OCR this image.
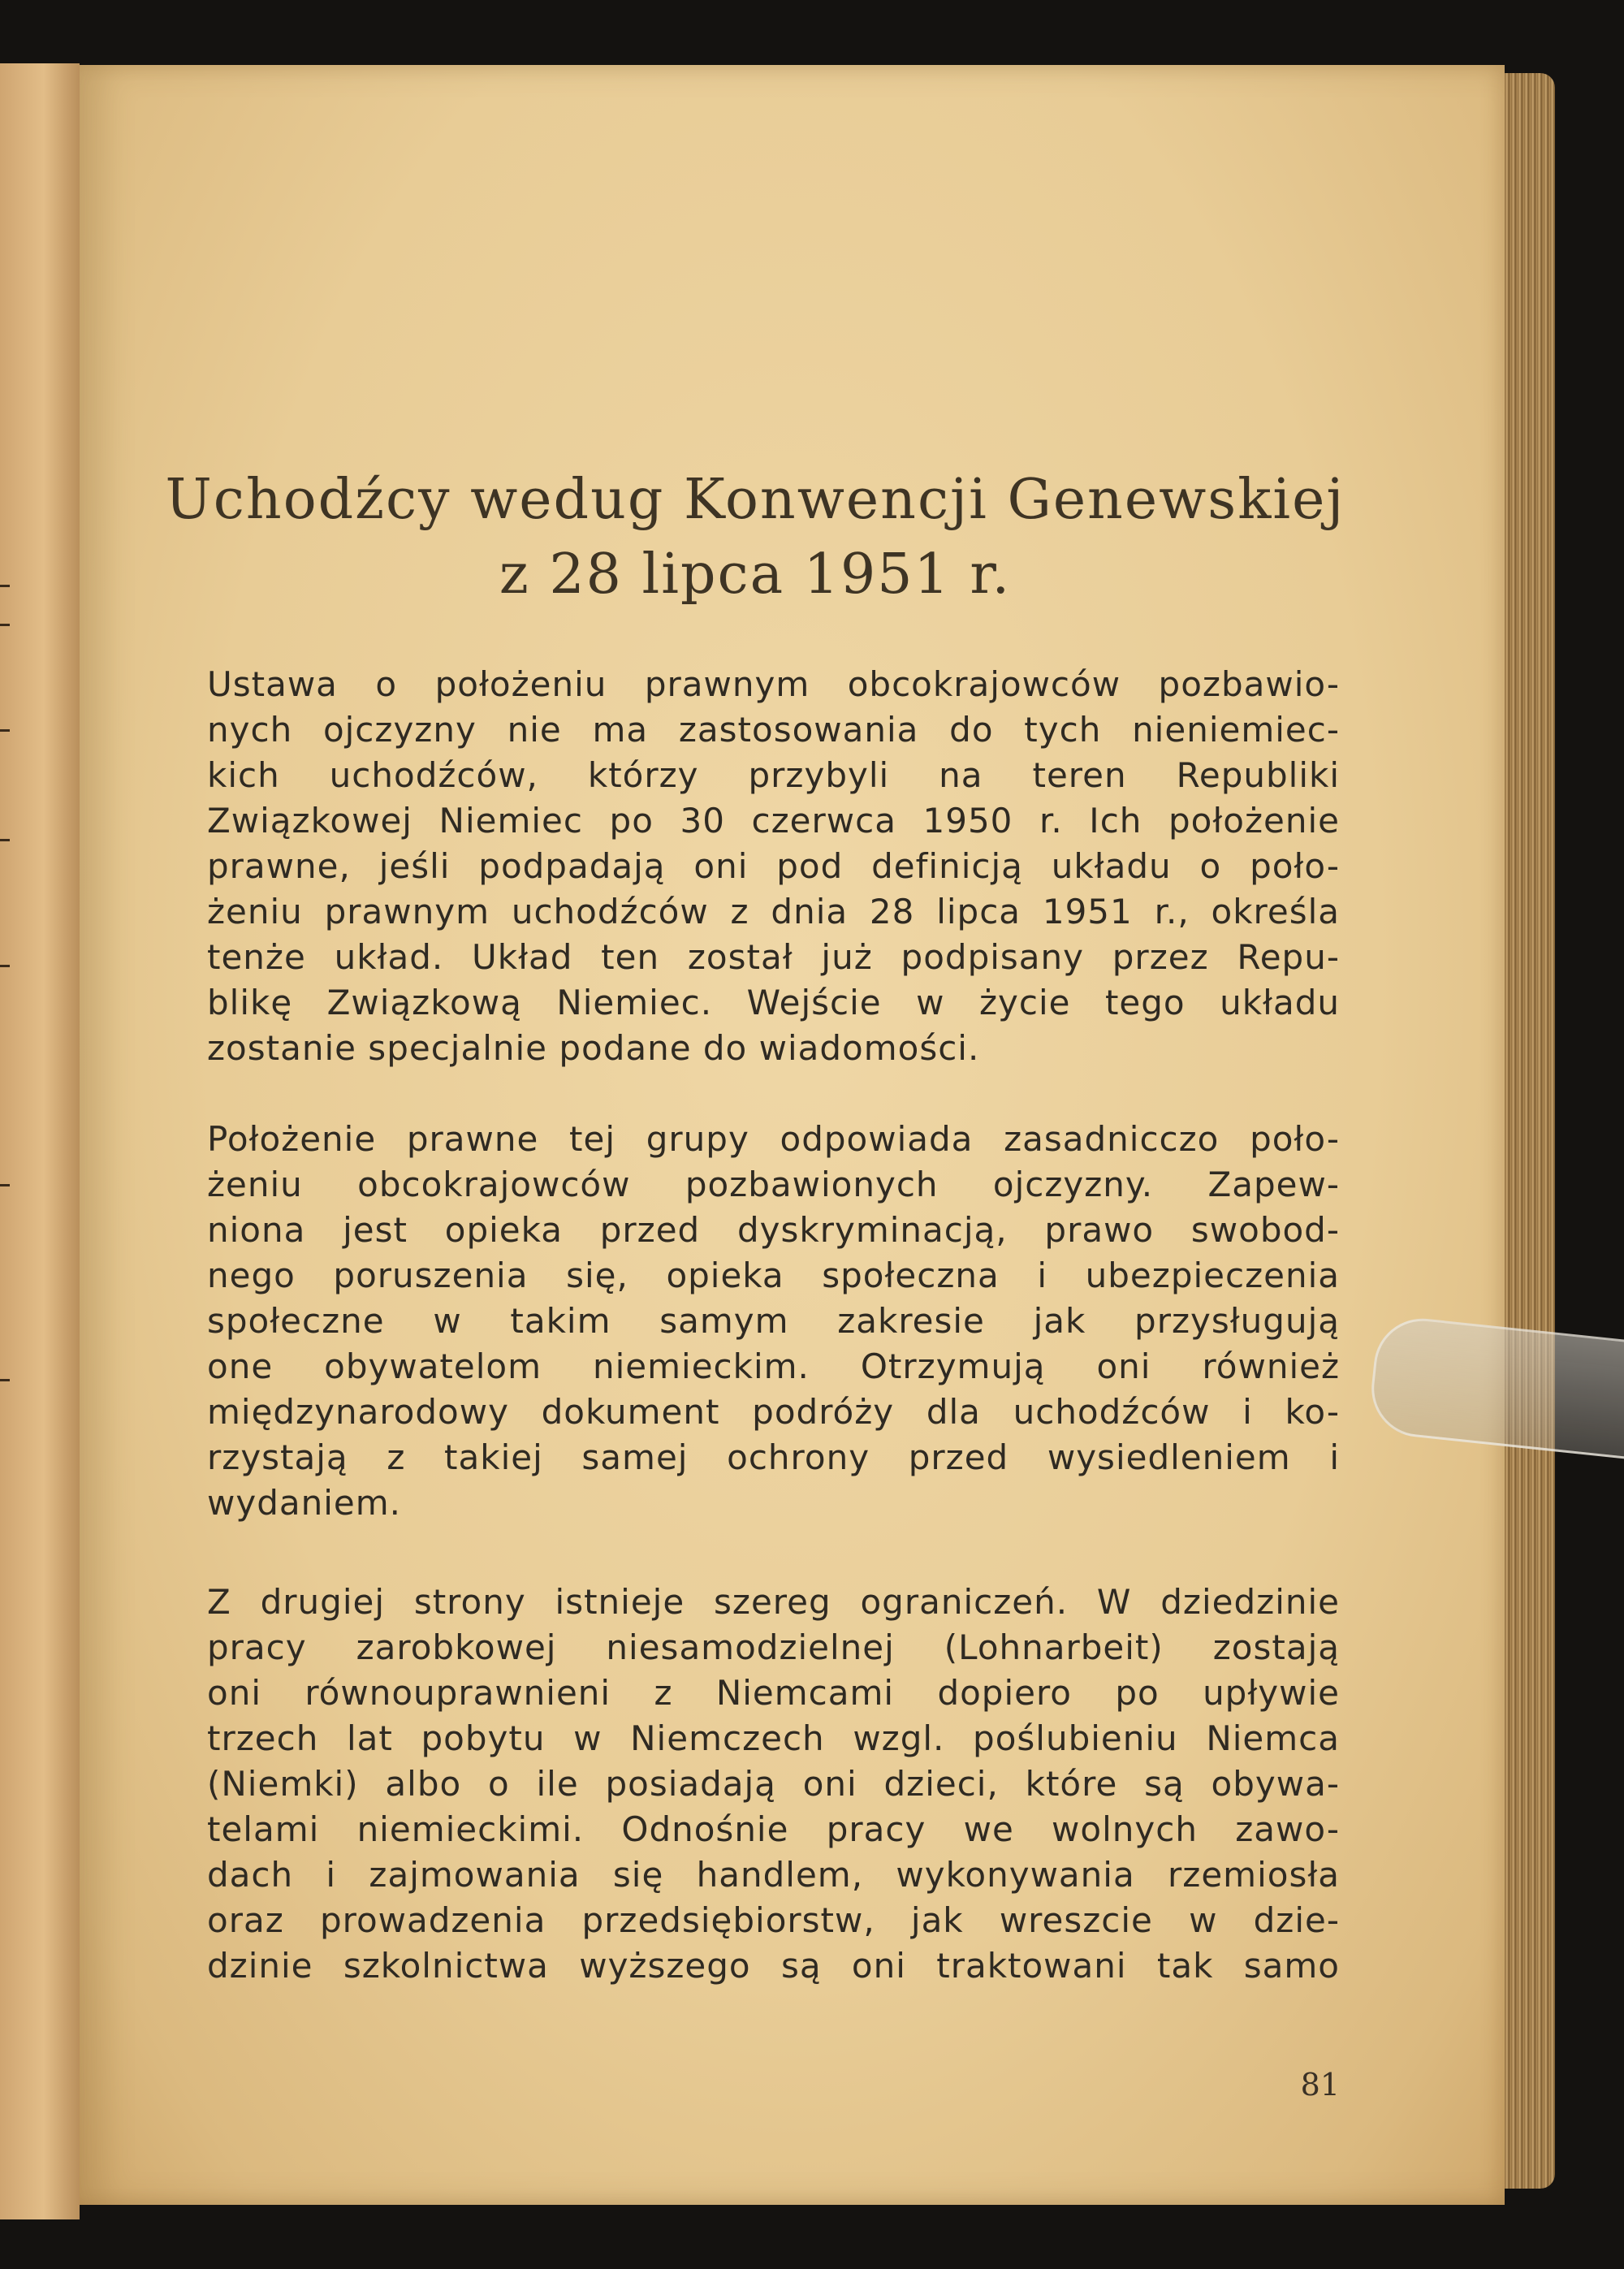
Uchodźcy wedug Konwencji Genewskiej
z 28 lipca 1951 r.
Ustawa o położeniu prawnym obcokrajowców pozbawio-
nych ojczyzny nie ma zastosowania do tych nieniemiec-
kich uchodźców, którzy przybyli na teren Republiki
Związkowej Niemiec po 30 czerwca 1950 r. Ich położenie
prawne, jeśli podpadają oni pod definicją układu o poło-
żeniu prawnym uchodźców z dnia 28 lipca 1951 r., określa
tenże układ. Układ ten został już podpisany przez Repu-
blikę Związkową Niemiec. Wejście w życie tego układu
zostanie specjalnie podane do wiadomości.
Położenie prawne tej grupy odpowiada zasadnicczo poło-
żeniu obcokrajowców pozbawionych ojczyzny. Zapew-
niona jest opieka przed dyskryminacją, prawo swobod-
nego poruszenia się, opieka społeczna i ubezpieczenia
społeczne w takim samym zakresie jak przysługują
one obywatelom niemieckim. Otrzymują oni również
międzynarodowy dokument podróży dla uchodźców i ko-
rzystają z takiej samej ochrony przed wysiedleniem i
wydaniem.
Z drugiej strony istnieje szereg ograniczeń. W dziedzinie
pracy zarobkowej niesamodzielnej (Lohnarbeit) zostają
oni równouprawnieni z Niemcami dopiero po upływie
trzech lat pobytu w Niemczech wzgl. poślubieniu Niemca
(Niemki) albo o ile posiadają oni dzieci, które są obywa-
telami niemieckimi. Odnośnie pracy we wolnych zawo-
dach i zajmowania się handlem, wykonywania rzemiosła
oraz prowadzenia przedsiębiorstw, jak wreszcie w dzie-
dzinie szkolnictwa wyższego są oni traktowani tak samo
81
